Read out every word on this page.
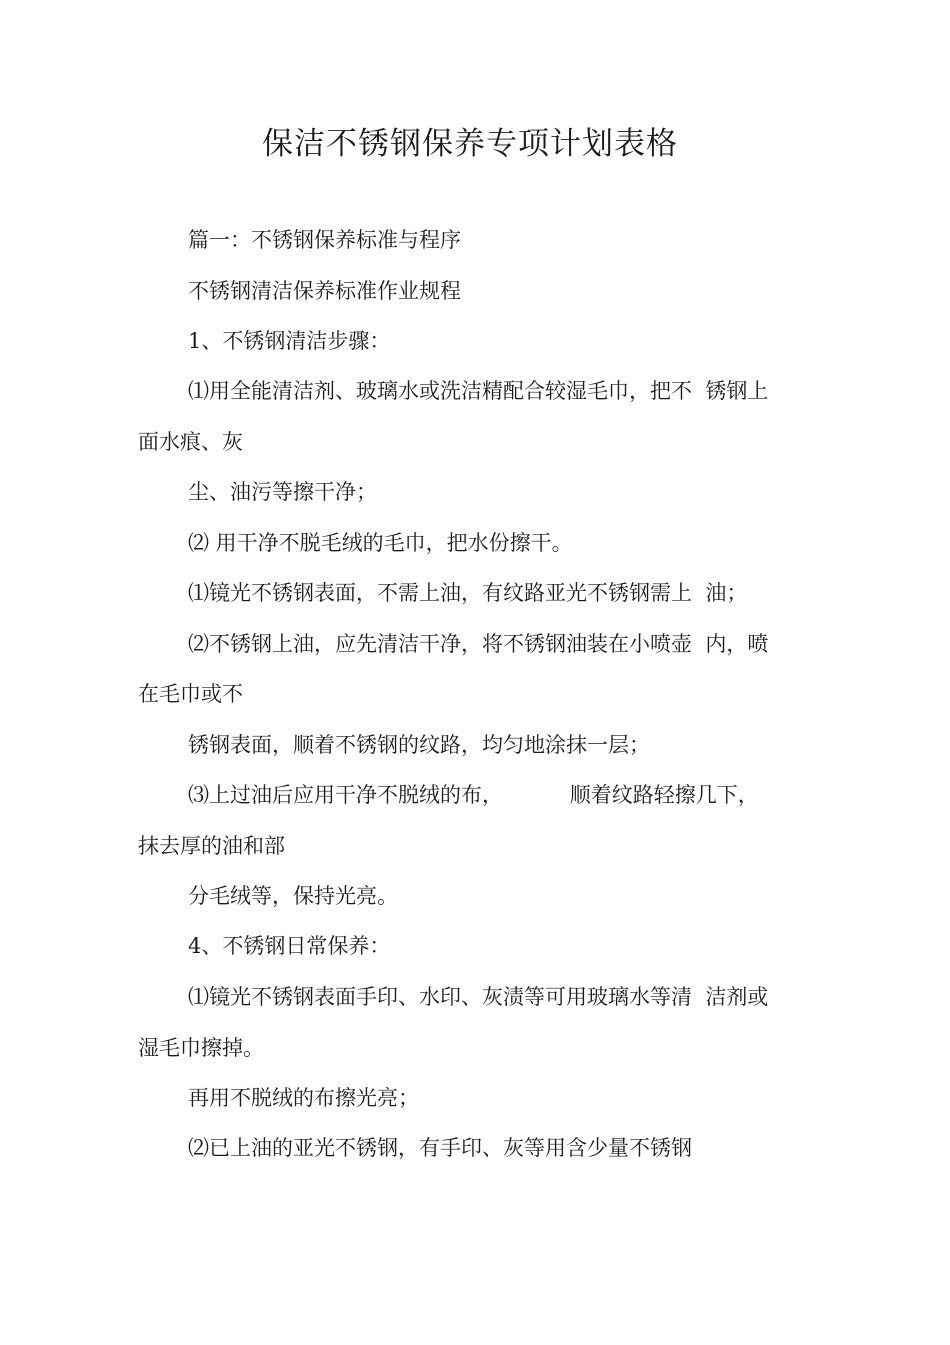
保洁不锈钢保养专项计划表格
篇一：不锈钢保养标准与程序
不锈钢清洁保养标准作业规程
1、不锈钢清洁步骤：
⑴用全能清洁剂、玻璃水或洗洁精配合较湿毛巾，把不  锈钢上
面水痕、灰
尘、油污等擦干净；
⑵ 用干净不脱毛绒的毛巾，把水份擦干。
⑴镜光不锈钢表面，不需上油，有纹路亚光不锈钢需上  油；
⑵不锈钢上油，应先清洁干净，将不锈钢油装在小喷壶  内，喷
在毛巾或不
锈钢表面，顺着不锈钢的纹路，均匀地涂抹一层；
⑶上过油后应用干净不脱绒的布，          顺着纹路轻擦几下，
抹去厚的油和部
分毛绒等，保持光亮。
4、不锈钢日常保养：
⑴镜光不锈钢表面手印、水印、灰渍等可用玻璃水等清  洁剂或
湿毛巾擦掉。
再用不脱绒的布擦光亮；
⑵已上油的亚光不锈钢，有手印、灰等用含少量不锈钢
